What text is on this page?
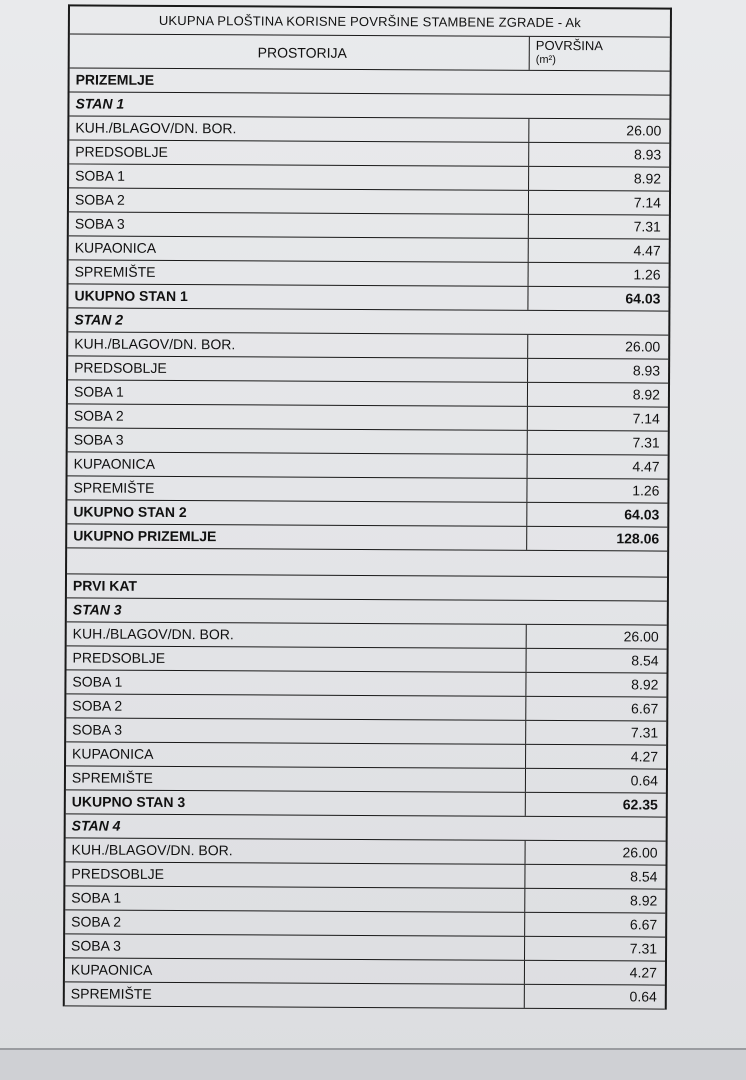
UKUPNA PLOŠTINA KORISNE POVRŠINE STAMBENE ZGRADE - Ak
PROSTORIJA	POVRŠINA
(m²)
PRIZEMLJE
STAN 1
KUH./BLAGOV/DN. BOR.	26.00
PREDSOBLJE	8.93
SOBA 1	8.92
SOBA 2	7.14
SOBA 3	7.31
KUPAONICA	4.47
SPREMIŠTE	1.26
UKUPNO STAN 1	64.03
STAN 2
KUH./BLAGOV/DN. BOR.	26.00
PREDSOBLJE	8.93
SOBA 1	8.92
SOBA 2	7.14
SOBA 3	7.31
KUPAONICA	4.47
SPREMIŠTE	1.26
UKUPNO STAN 2	64.03
UKUPNO PRIZEMLJE	128.06
PRVI KAT
STAN 3
KUH./BLAGOV/DN. BOR.	26.00
PREDSOBLJE	8.54
SOBA 1	8.92
SOBA 2	6.67
SOBA 3	7.31
KUPAONICA	4.27
SPREMIŠTE	0.64
UKUPNO STAN 3	62.35
STAN 4
KUH./BLAGOV/DN. BOR.	26.00
PREDSOBLJE	8.54
SOBA 1	8.92
SOBA 2	6.67
SOBA 3	7.31
KUPAONICA	4.27
SPREMIŠTE	0.64
